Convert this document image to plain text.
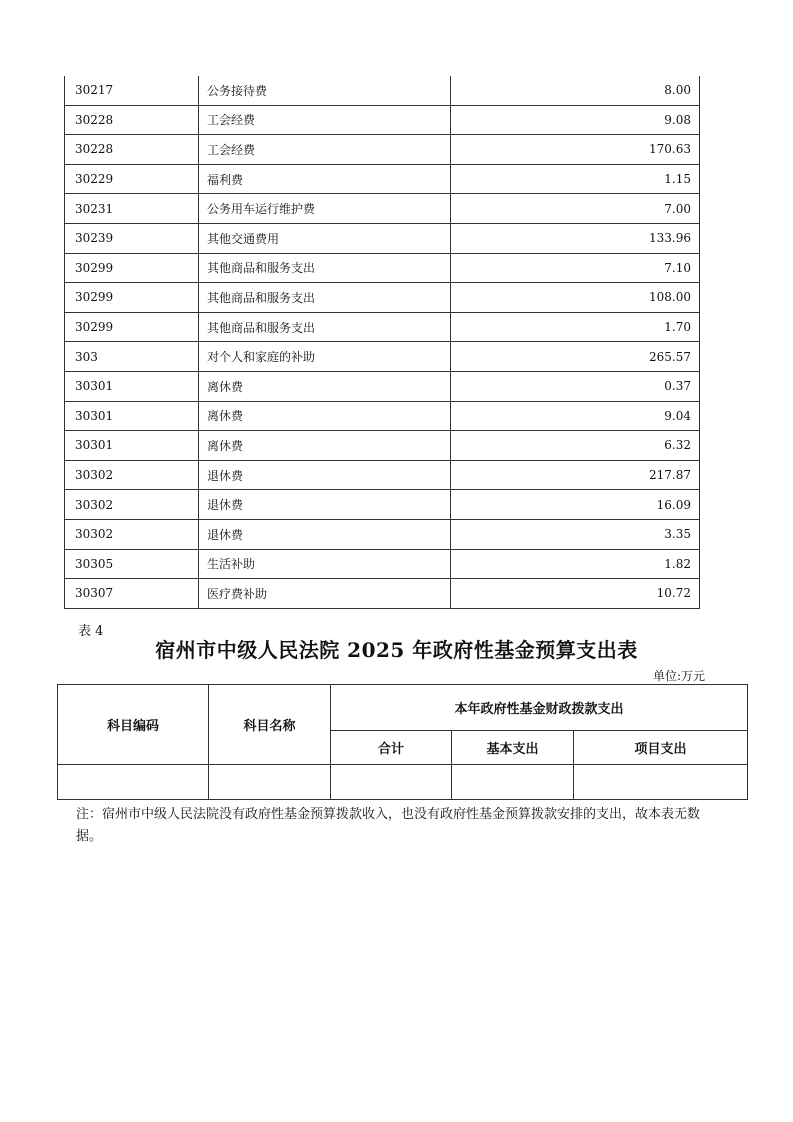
30217	公务接待费	8.00
30228	工会经费	9.08
30228	工会经费	170.63
30229	福利费	1.15
30231	公务用车运行维护费	7.00
30239	其他交通费用	133.96
30299	其他商品和服务支出	7.10
30299	其他商品和服务支出	108.00
30299	其他商品和服务支出	1.70
303	对个人和家庭的补助	265.57
30301	离休费	0.37
30301	离休费	9.04
30301	离休费	6.32
30302	退休费	217.87
30302	退休费	16.09
30302	退休费	3.35
30305	生活补助	1.82
30307	医疗费补助	10.72
表 4
宿州市中级人民法院 2025 年政府性基金预算支出表
单位:万元
科目编码	科目名称	本年政府性基金财政拨款支出		
		合计	基本支出	项目支出

注：宿州市中级人民法院没有政府性基金预算拨款收入，也没有政府性基金预算拨款安排的支出，故本表无数据。
